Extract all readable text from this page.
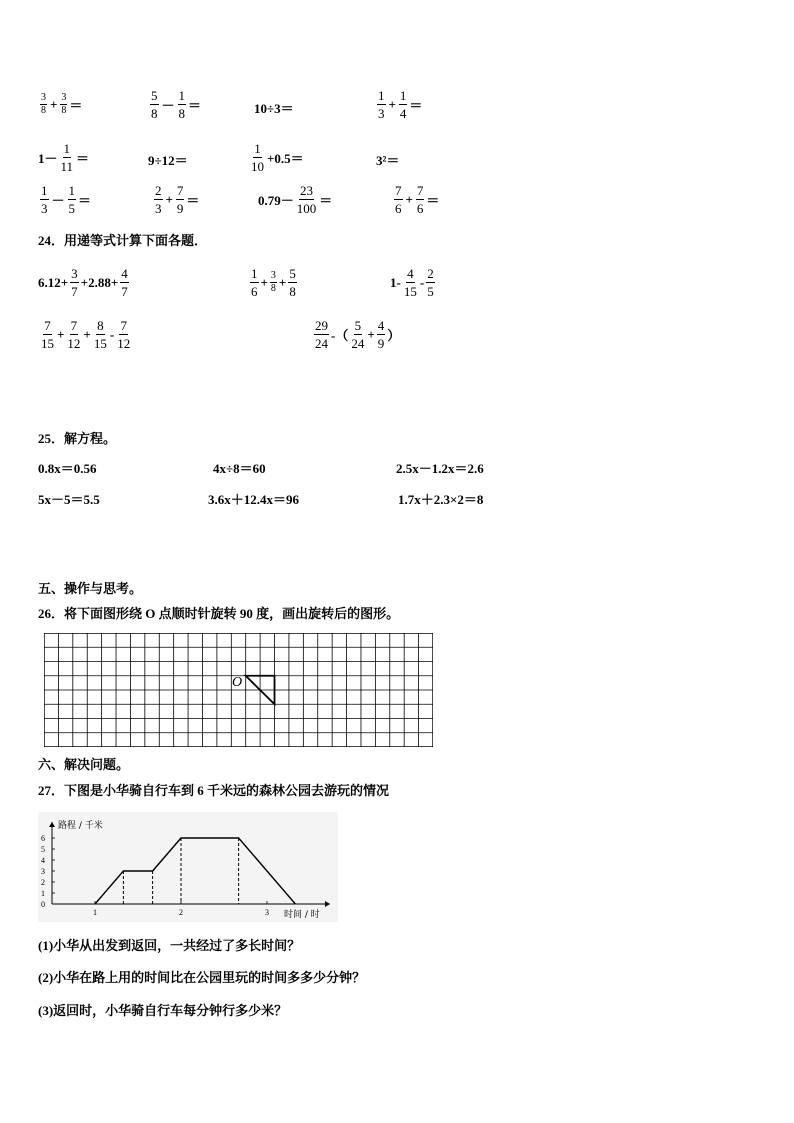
$\frac{3}{8} + \frac{3}{8}$ ＝	$\frac{5}{8} - \frac{1}{8}$ ＝	10÷3＝	$\frac{1}{3} + \frac{1}{4}$ ＝
$1- \frac{1}{11}$ ＝	9÷12＝	$\frac{1}{10} +0.5=$	3²＝
$\frac{1}{3} - \frac{1}{5}$ ＝	$\frac{2}{3} + \frac{7}{9}$ ＝	$0.79- \frac{23}{100}$ ＝	$\frac{7}{6} + \frac{7}{6}$ ＝
24．用递等式计算下面各题．
$6.12+ \frac{3}{7} +2.88+ \frac{4}{7}$	$\frac{1}{6} + \frac{3}{8} + \frac{5}{8}$	$1- \frac{4}{15} - \frac{2}{5}$
$\frac{7}{15} + \frac{7}{12} + \frac{8}{15} - \frac{7}{12}$	$\frac{29}{24}$ -（ $\frac{5}{24} + \frac{4}{9}$ ）
25．解方程。
0.8x＝0.56	4x÷8＝60	2.5x－1.2x＝2.6
5x－5＝5.5	3.6x＋12.4x＝96	1.7x＋2.3×2＝8
五、操作与思考。
26．将下面图形绕 O 点顺时针旋转 90 度，画出旋转后的图形。
O
六、解决问题。
27．下图是小华骑自行车到 6 千米远的森林公园去游玩的情况
路程 / 千米
时间 / 时
0
1
2
3
4
5
6
1	2	3
(1)小华从出发到返回，一共经过了多长时间？
(2)小华在路上用的时间比在公园里玩的时间多多少分钟？
(3)返回时，小华骑自行车每分钟行多少米？
